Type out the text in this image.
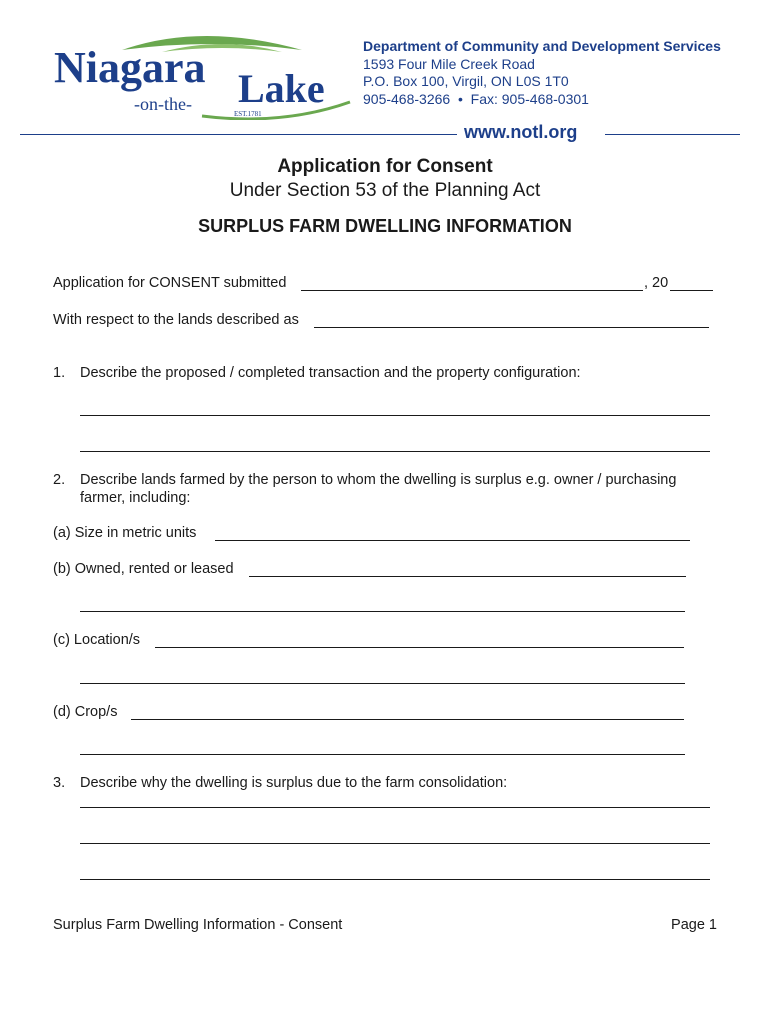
Niagara Lake
-on-the-	EST.1781
Department of Community and Development Services
1593 Four Mile Creek Road
P.O. Box 100, Virgil, ON L0S 1T0
905-468-3266  •  Fax: 905-468-0301
www.notl.org
Application for Consent
Under Section 53 of the Planning Act
SURPLUS FARM DWELLING INFORMATION
Application for CONSENT submitted	, 20
With respect to the lands described as
1. Describe the proposed / completed transaction and the property configuration:
2. Describe lands farmed by the person to whom the dwelling is surplus e.g. owner / purchasing
farmer, including:
(a) Size in metric units
(b) Owned, rented or leased
(c) Location/s
(d) Crop/s
3. Describe why the dwelling is surplus due to the farm consolidation:
Surplus Farm Dwelling Information - Consent	Page 1
